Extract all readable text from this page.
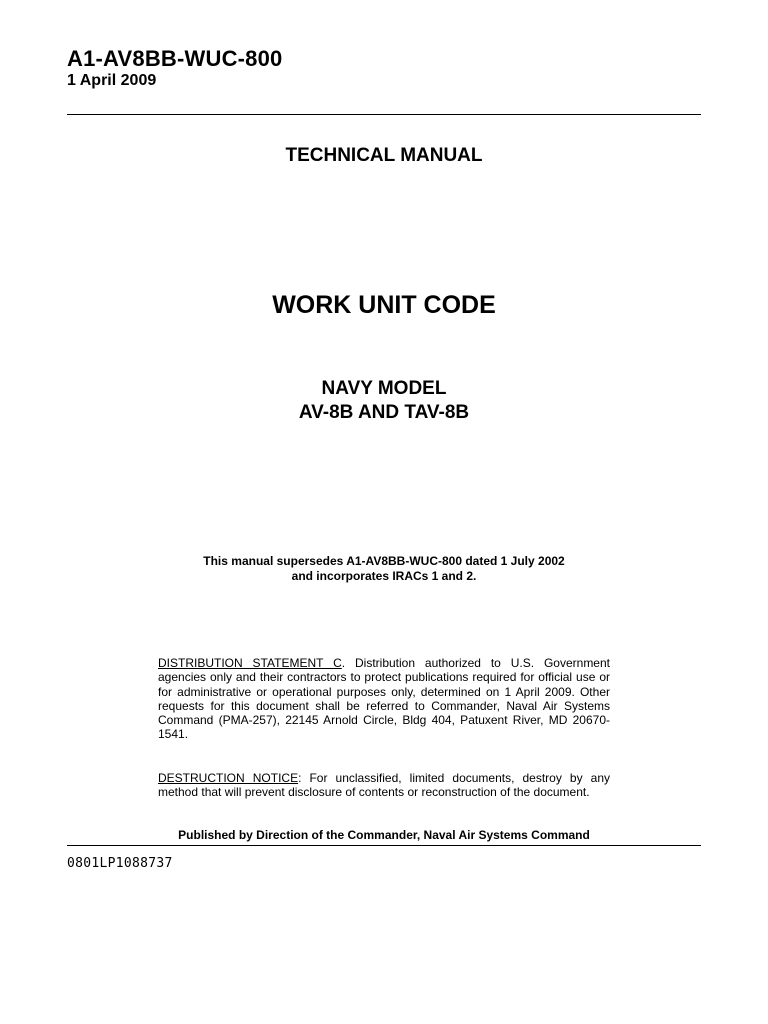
A1-AV8BB-WUC-800
1 April 2009
TECHNICAL MANUAL
WORK UNIT CODE
NAVY MODEL
AV-8B AND TAV-8B
This manual supersedes A1-AV8BB-WUC-800 dated 1 July 2002
and incorporates IRACs 1 and 2.
DISTRIBUTION STATEMENT C. Distribution authorized to U.S. Government agencies only and their contractors to protect publications required for official use or for administrative or operational purposes only, determined on 1 April 2009. Other requests for this document shall be referred to Commander, Naval Air Systems Command (PMA-257), 22145 Arnold Circle, Bldg 404, Patuxent River, MD 20670-1541.
DESTRUCTION NOTICE: For unclassified, limited documents, destroy by any method that will prevent disclosure of contents or reconstruction of the document.
Published by Direction of the Commander, Naval Air Systems Command
0801LP1088737
